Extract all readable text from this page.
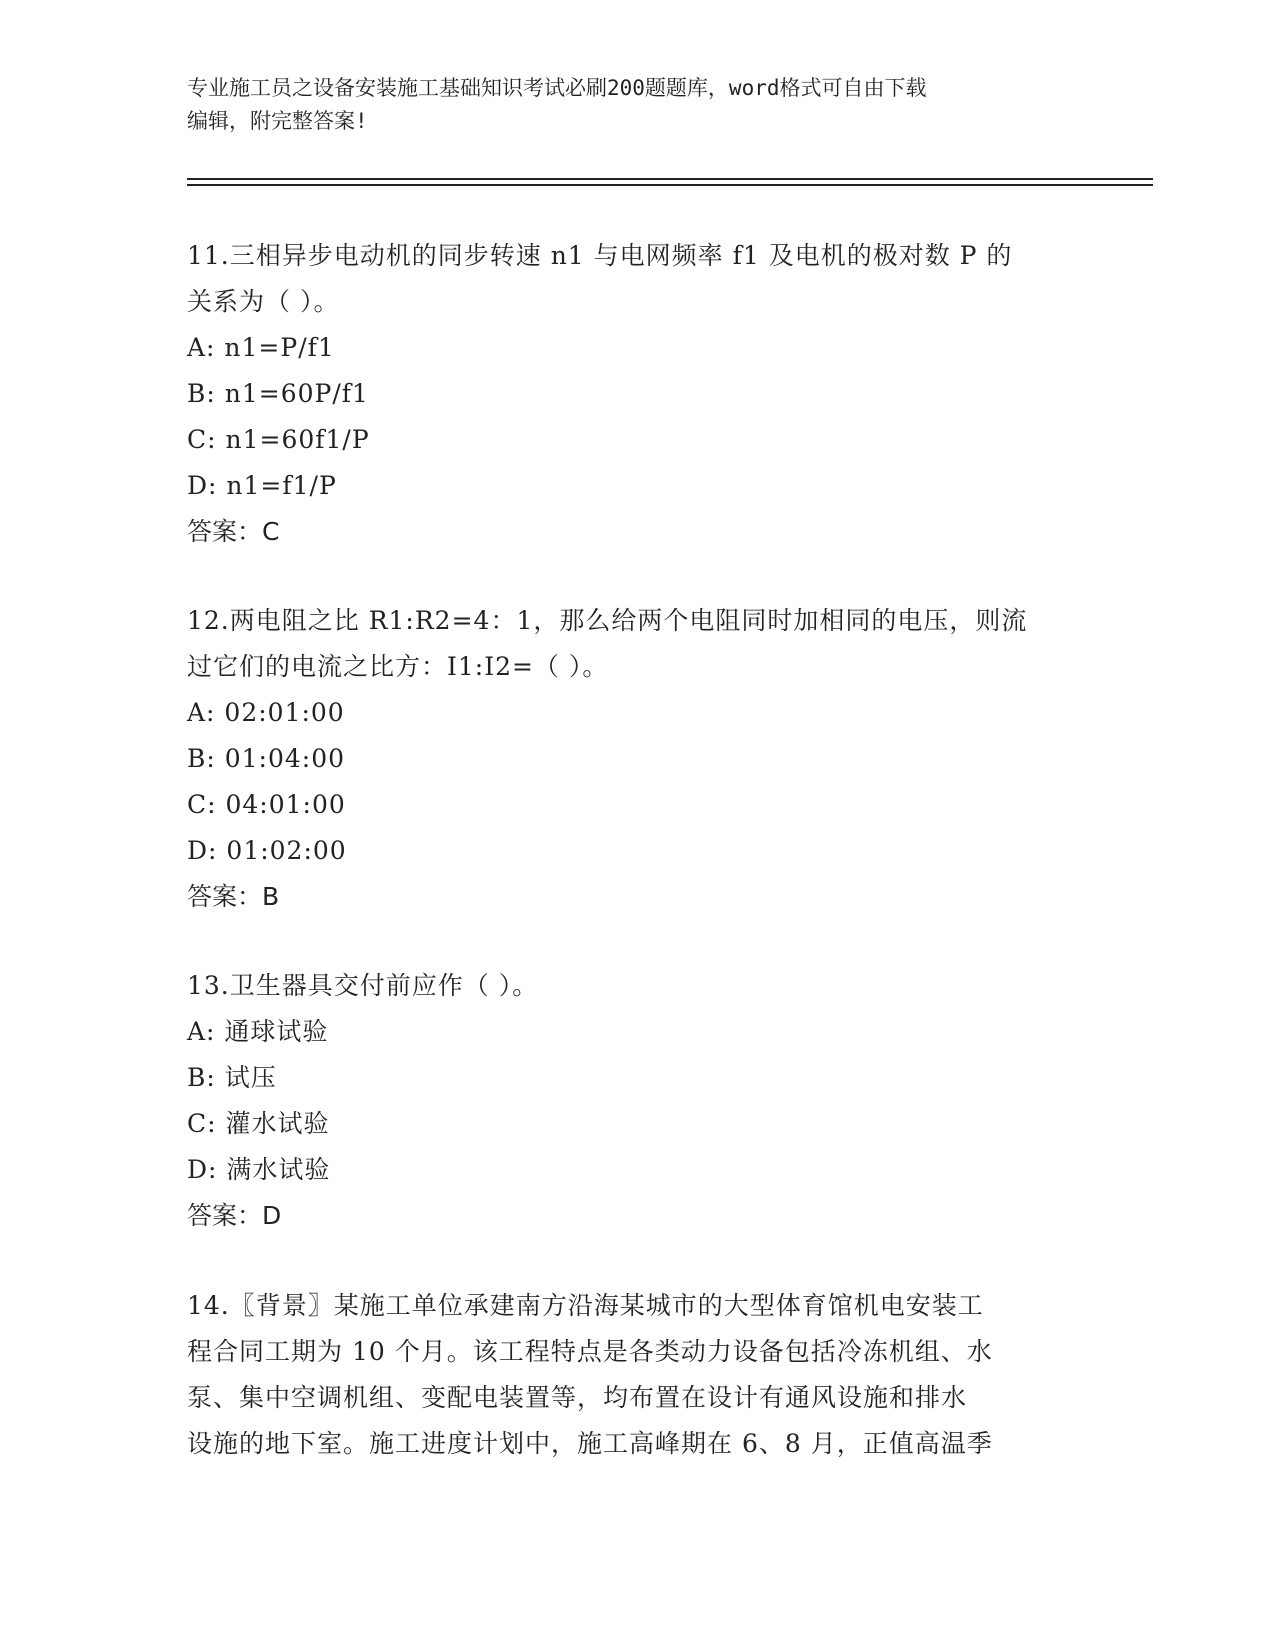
专业施工员之设备安装施工基础知识考试必刷200题题库，word格式可自由下载
编辑，附完整答案!
11.三相异步电动机的同步转速 n1 与电网频率 f1 及电机的极对数 P 的
关系为（ ）。
A: n1=P/f1
B: n1=60P/f1
C: n1=60f1/P
D: n1=f1/P
答案：C
12.两电阻之比 R1:R2=4：1，那么给两个电阻同时加相同的电压，则流
过它们的电流之比方：I1:I2=（ ）。
A: 02:01:00
B: 01:04:00
C: 04:01:00
D: 01:02:00
答案：B
13.卫生器具交付前应作（ ）。
A: 通球试验
B: 试压
C: 灌水试验
D: 满水试验
答案：D
14.〖背景〗某施工单位承建南方沿海某城市的大型体育馆机电安装工
程合同工期为 10 个月。该工程特点是各类动力设备包括冷冻机组、水
泵、集中空调机组、变配电装置等，均布置在设计有通风设施和排水
设施的地下室。施工进度计划中，施工高峰期在 6、8 月，正值高温季
